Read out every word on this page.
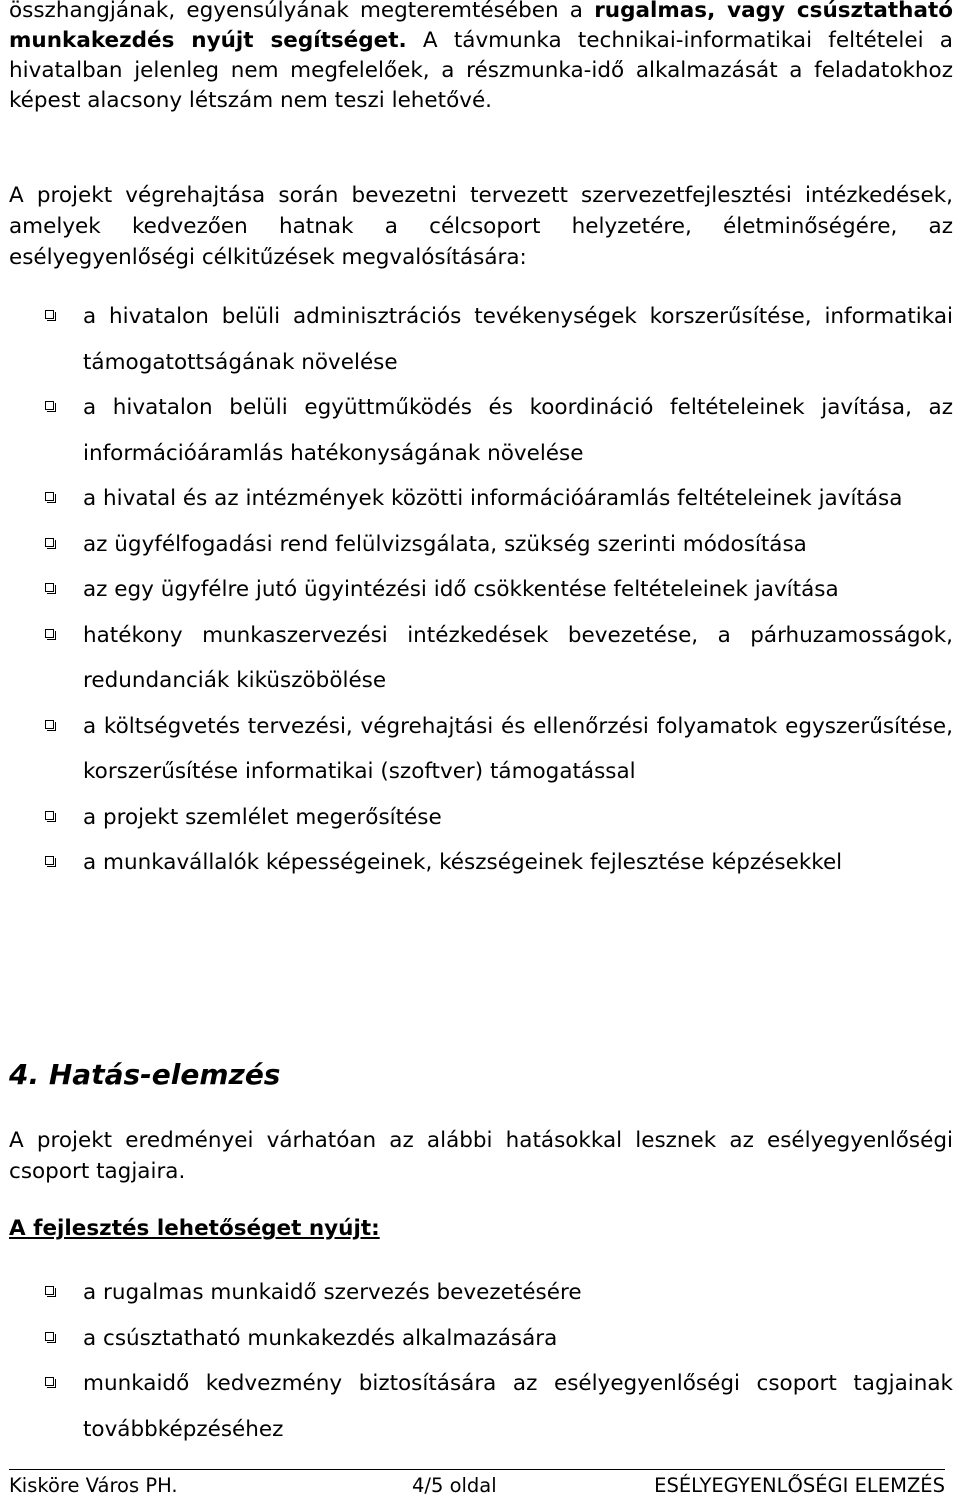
összhangjának, egyensúlyának megteremtésében a rugalmas, vagy csúsztatható munkakezdés nyújt segítséget. A távmunka technikai-informatikai feltételei a hivatalban jelenleg nem megfelelőek, a részmunka-idő alkalmazását a feladatokhoz képest alacsony létszám nem teszi lehetővé.

A projekt végrehajtása során bevezetni tervezett szervezetfejlesztési intézkedések, amelyek kedvezően hatnak a célcsoport helyzetére, életminőségére, az esélyegyenlőségi célkitűzések megvalósítására:

a hivatalon belüli adminisztrációs tevékenységek korszerűsítése, informatikai támogatottságának növelése
a hivatalon belüli együttműködés és koordináció feltételeinek javítása, az információáramlás hatékonyságának növelése
a hivatal és az intézmények közötti információáramlás feltételeinek javítása
az ügyfélfogadási rend felülvizsgálata, szükség szerinti módosítása
az egy ügyfélre jutó ügyintézési idő csökkentése feltételeinek javítása
hatékony munkaszervezési intézkedések bevezetése, a párhuzamosságok, redundanciák kiküszöbölése
a költségvetés tervezési, végrehajtási és ellenőrzési folyamatok egyszerűsítése, korszerűsítése informatikai (szoftver) támogatással
a projekt szemlélet megerősítése
a munkavállalók képességeinek, készségeinek fejlesztése képzésekkel
4. Hatás-elemzés

A projekt eredményei várhatóan az alábbi hatásokkal lesznek az esélyegyenlőségi csoport tagjaira.

A fejlesztés lehetőséget nyújt:
a rugalmas munkaidő szervezés bevezetésére
a csúsztatható munkakezdés alkalmazására
munkaidő kedvezmény biztosítására az esélyegyenlőségi csoport tagjainak továbbképzéséhez
Kisköre Város PH.	4/5 oldal	ESÉLYEGYENLŐSÉGI ELEMZÉS
